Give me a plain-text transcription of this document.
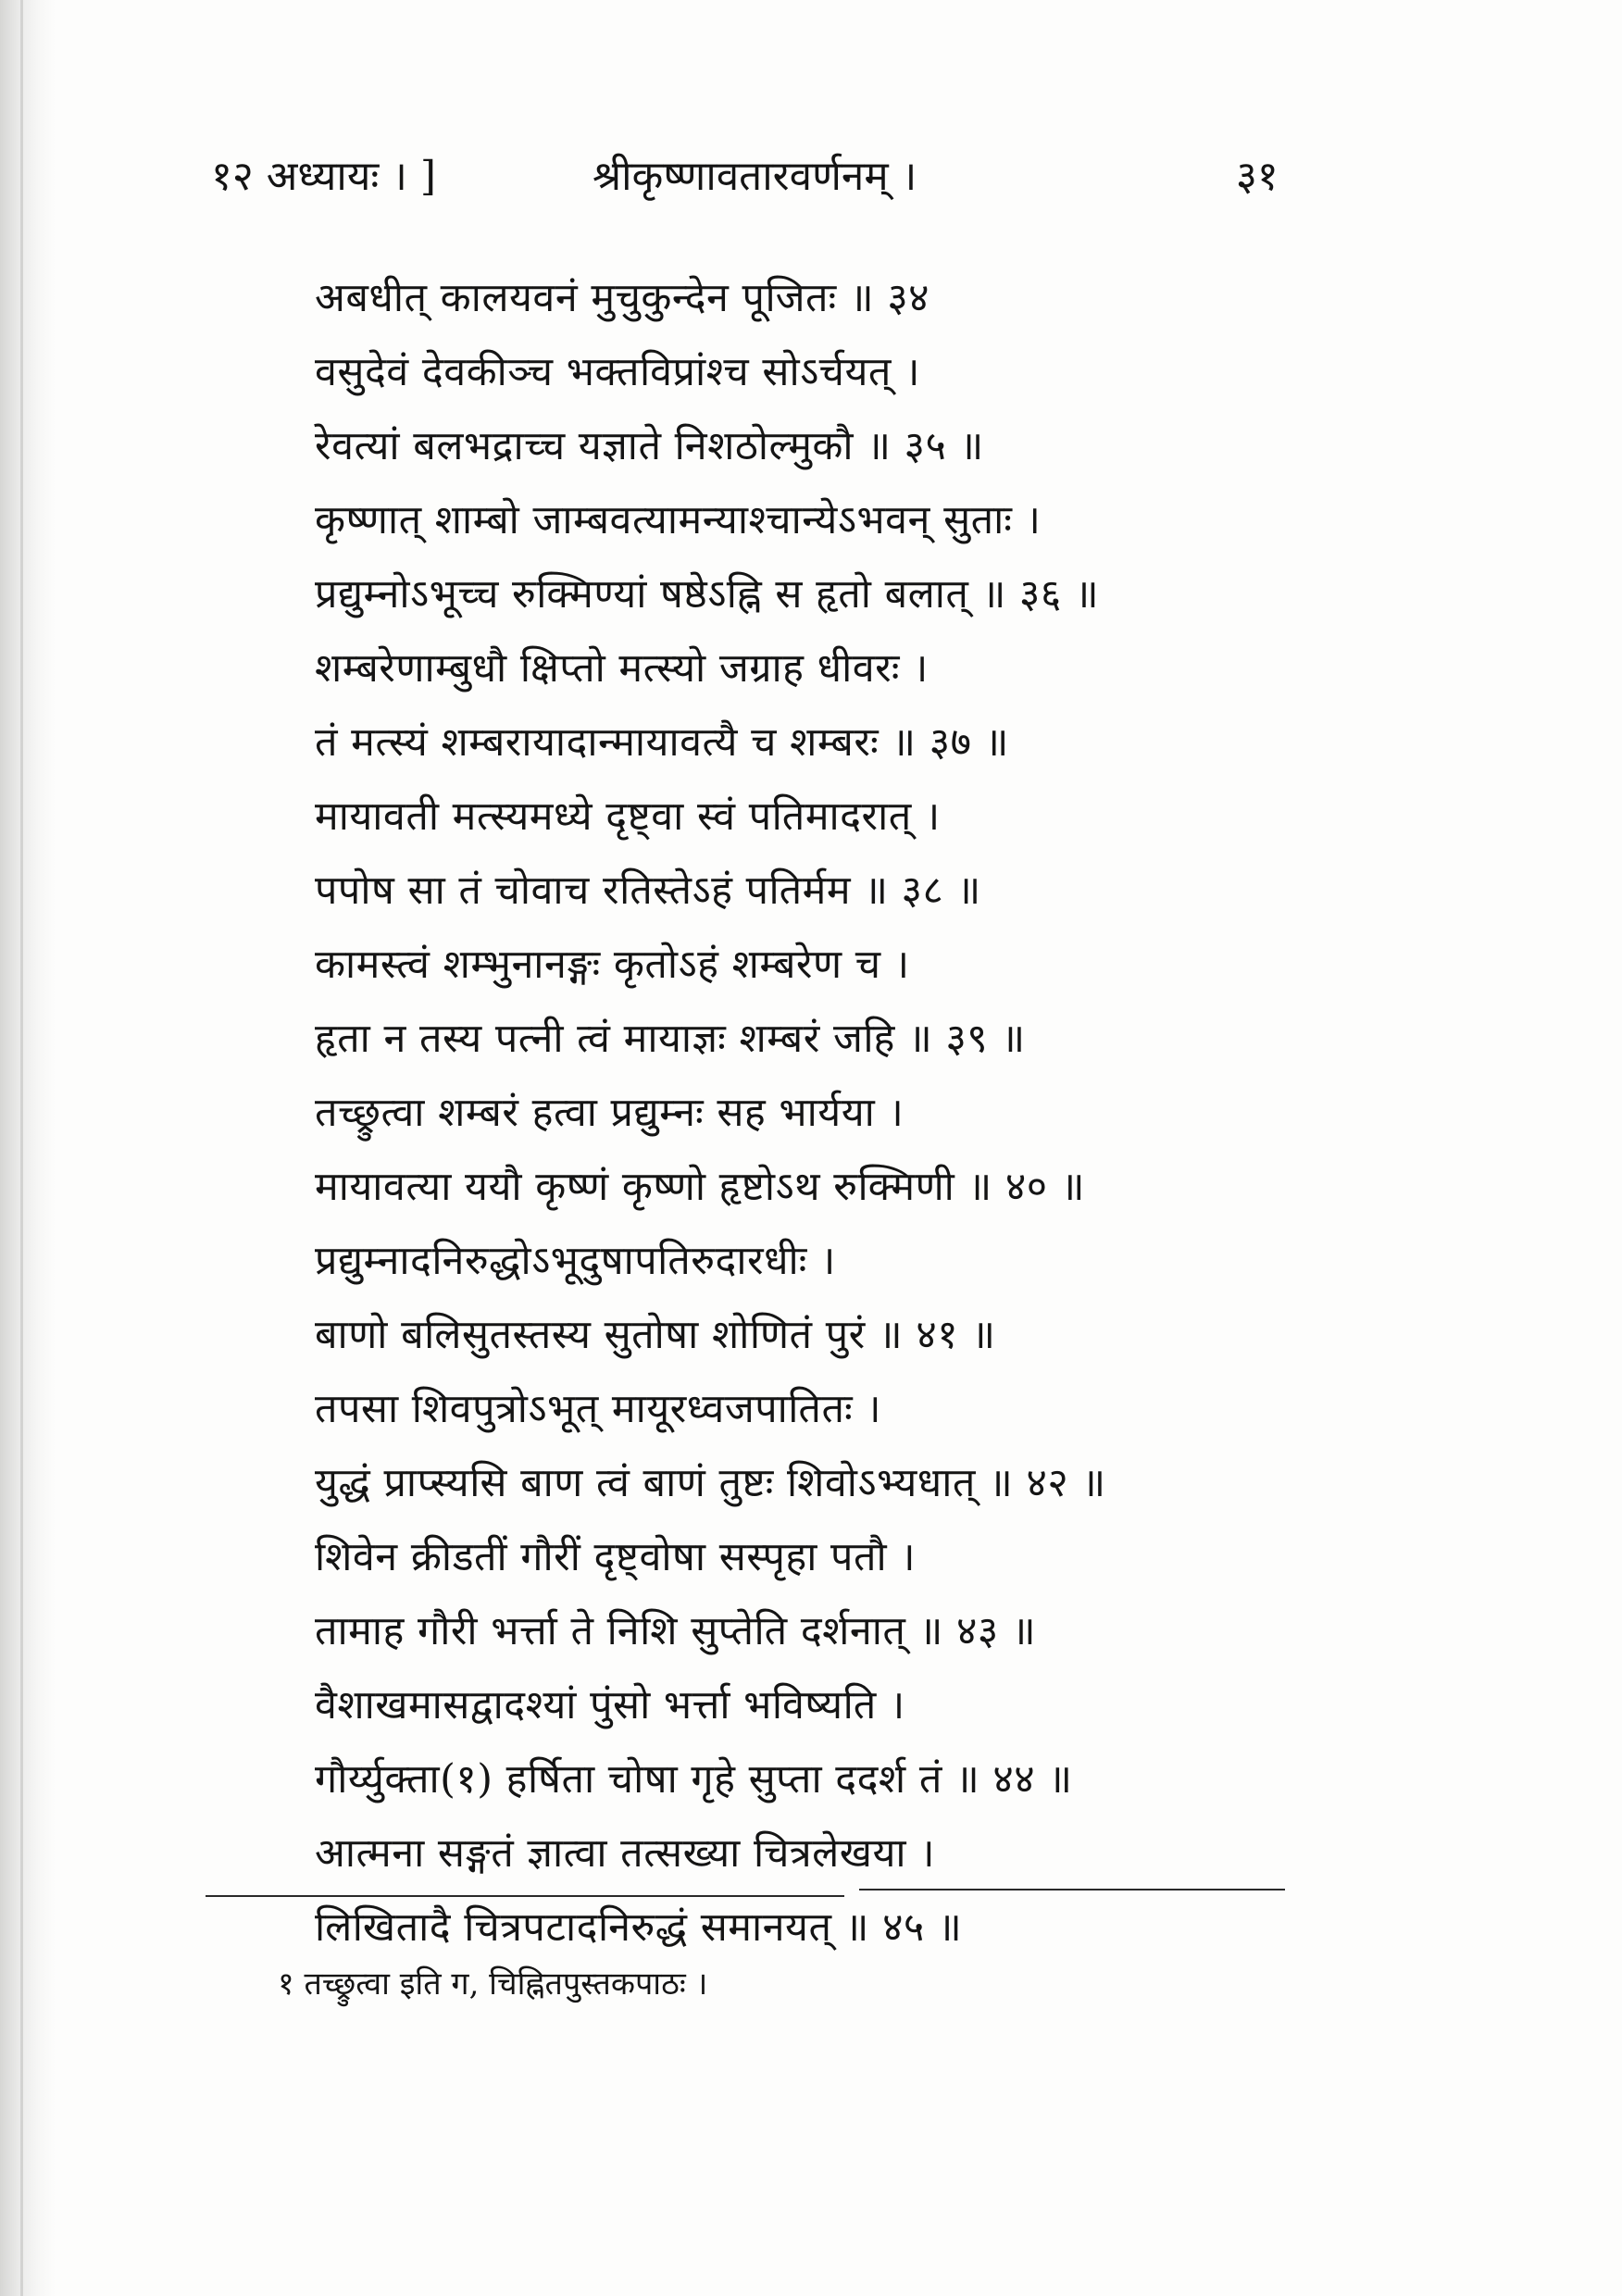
१२ अध्यायः । ]	श्रीकृष्णावतारवर्णनम् ।	३१
अबधीत् कालयवनं मुचुकुन्देन पूजितः ॥ ३४
वसुदेवं देवकीञ्च भक्तविप्रांश्च सोऽर्चयत् ।
रेवत्यां बलभद्राच्च यज्ञाते निशठोल्मुकौ ॥ ३५ ॥
कृष्णात् शाम्बो जाम्बवत्यामन्याश्चान्येऽभवन् सुताः ।
प्रद्युम्नोऽभूच्च रुक्मिण्यां षष्ठेऽह्नि स हृतो बलात् ॥ ३६ ॥
शम्बरेणाम्बुधौ क्षिप्तो मत्स्यो जग्राह धीवरः ।
तं मत्स्यं शम्बरायादान्मायावत्यै च शम्बरः ॥ ३७ ॥
मायावती मत्स्यमध्ये दृष्ट्वा स्वं पतिमादरात् ।
पपोष सा तं चोवाच रतिस्तेऽहं पतिर्मम ॥ ३८ ॥
कामस्त्वं शम्भुनानङ्गः कृतोऽहं शम्बरेण च ।
हृता न तस्य पत्नी त्वं मायाज्ञः शम्बरं जहि ॥ ३९ ॥
तच्छ्रुत्वा शम्बरं हत्वा प्रद्युम्नः सह भार्यया ।
मायावत्या ययौ कृष्णं कृष्णो हृष्टोऽथ रुक्मिणी ॥ ४० ॥
प्रद्युम्नादनिरुद्धोऽभूदुषापतिरुदारधीः ।
बाणो बलिसुतस्तस्य सुतोषा शोणितं पुरं ॥ ४१ ॥
तपसा शिवपुत्रोऽभूत् मायूरध्वजपातितः ।
युद्धं प्राप्स्यसि बाण त्वं बाणं तुष्टः शिवोऽभ्यधात् ॥ ४२ ॥
शिवेन क्रीडतीं गौरीं दृष्ट्वोषा सस्पृहा पतौ ।
तामाह गौरी भर्त्ता ते निशि सुप्तेति दर्शनात् ॥ ४३ ॥
वैशाखमासद्वादश्यां पुंसो भर्त्ता भविष्यति ।
गौर्य्युक्ता(१) हर्षिता चोषा गृहे सुप्ता ददर्श तं ॥ ४४ ॥
आत्मना सङ्गतं ज्ञात्वा तत्सख्या चित्रलेखया ।
लिखितादै चित्रपटादनिरुद्धं समानयत् ॥ ४५ ॥
१ तच्छ्रुत्वा इति ग, चिह्नितपुस्तकपाठः ।
